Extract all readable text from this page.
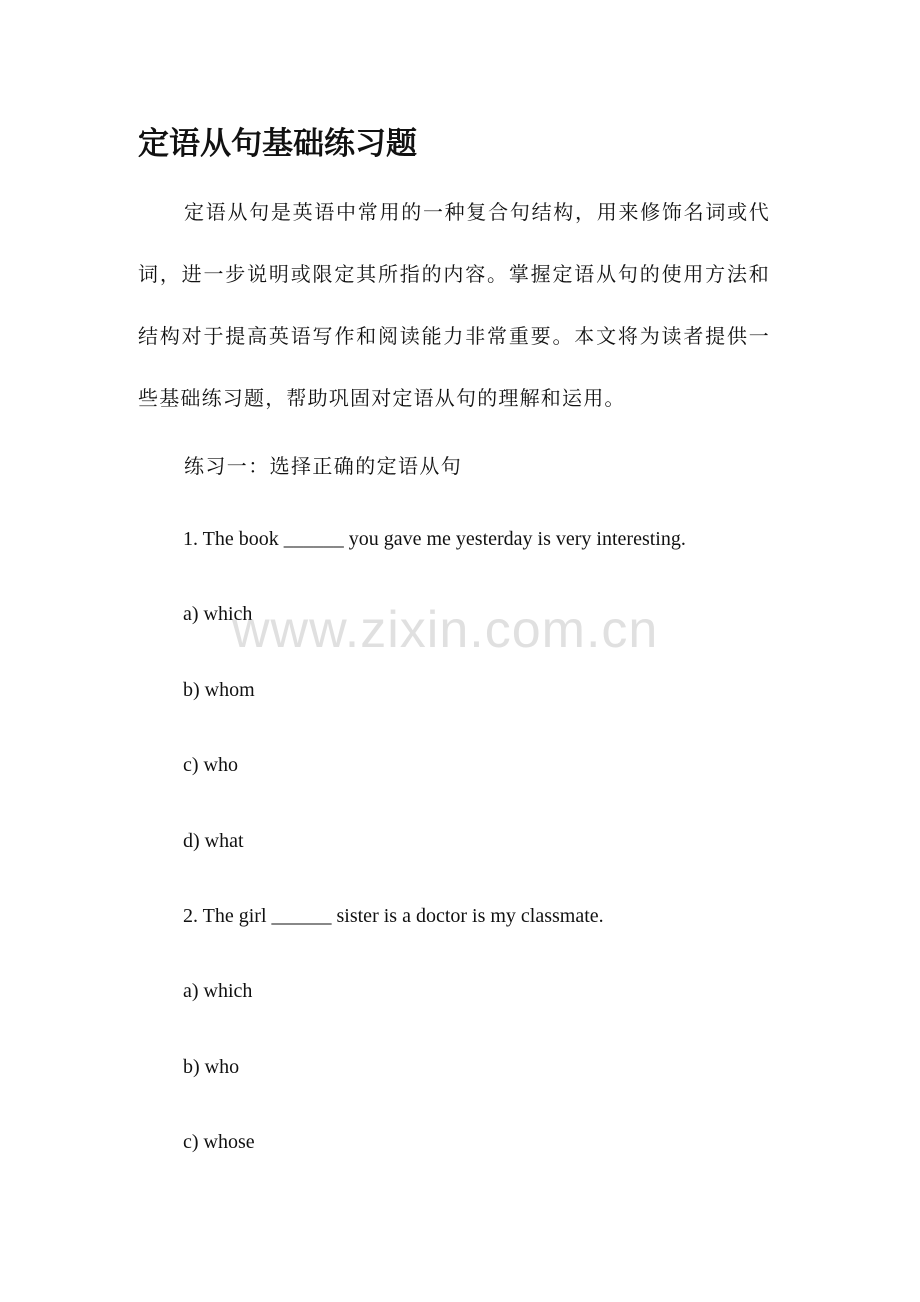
定语从句基础练习题

定语从句是英语中常用的一种复合句结构，用来修饰名词或代词，进一步说明或限定其所指的内容。掌握定语从句的使用方法和结构对于提高英语写作和阅读能力非常重要。本文将为读者提供一些基础练习题，帮助巩固对定语从句的理解和运用。

练习一：选择正确的定语从句
1. The book ______ you gave me yesterday is very interesting.
a) which
b) whom
c) who
d) what
2. The girl ______ sister is a doctor is my classmate.
a) which
b) who
c) whose
www.zixin.com.cn
